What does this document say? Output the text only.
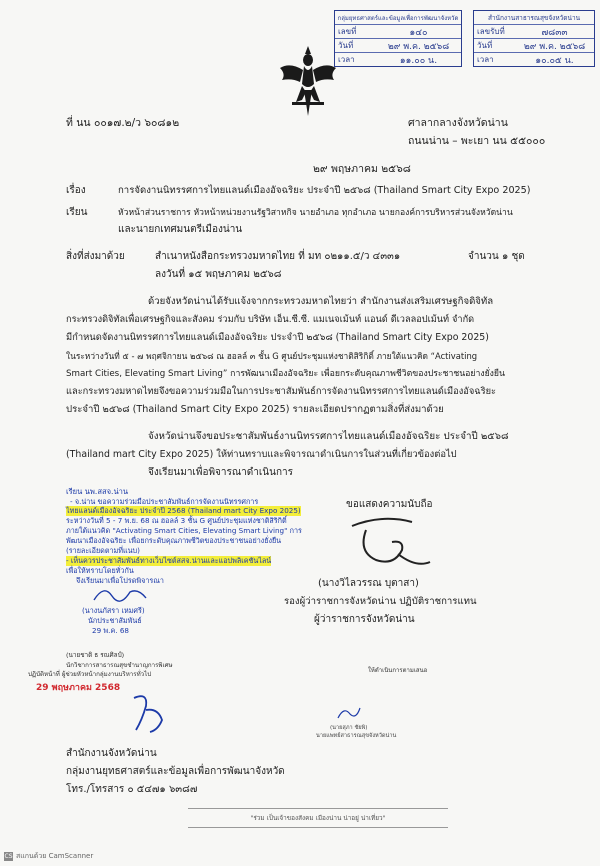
กลุ่มยุทธศาสตร์และข้อมูลเพื่อการพัฒนาจังหวัด
เลขที่	๑๔๐
วันที่	๒๙ พ.ค. ๒๕๖๘
เวลา	๑๑.๐๐ น.
สำนักงานสาธารณสุขจังหวัดน่าน
เลขรับที่	๗๘๓๓
วันที่	๒๙ พ.ค. ๒๕๖๘
เวลา	๑๐.๐๕ น.
ที่ นน ๐๐๑๗.๒/ว ๖๐๘๑๒	ศาลากลางจังหวัดน่าน
ถนนน่าน – พะเยา นน ๕๕๐๐๐
๒๙ พฤษภาคม ๒๕๖๘
เรื่อง	การจัดงานนิทรรศการไทยแลนด์เมืองอัจฉริยะ ประจำปี ๒๕๖๘ (Thailand Smart City Expo 2025)
เรียน	หัวหน้าส่วนราชการ หัวหน้าหน่วยงานรัฐวิสาหกิจ นายอำเภอ ทุกอำเภอ นายกองค์การบริหารส่วนจังหวัดน่าน
และนายกเทศมนตรีเมืองน่าน
สิ่งที่ส่งมาด้วย	สำเนาหนังสือกระทรวงมหาดไทย ที่ มท ๐๒๑๑.๕/ว ๔๓๓๑	จำนวน ๑ ชุด
ลงวันที่ ๑๕ พฤษภาคม ๒๕๖๘
ด้วยจังหวัดน่านได้รับแจ้งจากกระทรวงมหาดไทยว่า สำนักงานส่งเสริมเศรษฐกิจดิจิทัล
กระทรวงดิจิทัลเพื่อเศรษฐกิจและสังคม ร่วมกับ บริษัท เอ็น.ซี.ซี. แมเนจเม้นท์ แอนด์ ดีเวลลอปเม้นท์ จำกัด
มีกำหนดจัดงานนิทรรศการไทยแลนด์เมืองอัจฉริยะ ประจำปี ๒๕๖๘ (Thailand Smart City Expo 2025)
ในระหว่างวันที่ ๕ - ๗ พฤศจิกายน ๒๕๖๘ ณ ฮอลล์ ๓ ชั้น G ศูนย์ประชุมแห่งชาติสิริกิติ์ ภายใต้แนวคิด “Activating
Smart Cities, Elevating Smart Living” การพัฒนาเมืองอัจฉริยะ เพื่อยกระดับคุณภาพชีวิตของประชาชนอย่างยั่งยืน
และกระทรวงมหาดไทยจึงขอความร่วมมือในการประชาสัมพันธ์การจัดงานนิทรรศการไทยแลนด์เมืองอัจฉริยะ
ประจำปี ๒๕๖๘ (Thailand Smart City Expo 2025) รายละเอียดปรากฏตามสิ่งที่ส่งมาด้วย
จังหวัดน่านจึงขอประชาสัมพันธ์งานนิทรรศการไทยแลนด์เมืองอัจฉริยะ ประจำปี ๒๕๖๘
(Thailand mart City Expo 2025) ให้ท่านทราบและพิจารณาดำเนินการในส่วนที่เกี่ยวข้องต่อไป
จึงเรียนมาเพื่อพิจารณาดำเนินการ
เรียน นพ.สสจ.น่าน
- จ.น่าน ขอความร่วมมือประชาสัมพันธ์การจัดงานนิทรรศการ
ไทยแลนด์เมืองอัจฉริยะ ประจำปี 2568 (Thailand mart City Expo 2025)
ระหว่างวันที่ 5 - 7 พ.ย. 68 ณ ฮอลล์ 3 ชั้น G ศูนย์ประชุมแห่งชาติสิริกิติ์
ภายใต้แนวคิด "Activating Smart Cities, Elevating Smart Living" การ
พัฒนาเมืองอัจฉริยะ เพื่อยกระดับคุณภาพชีวิตของประชาชนอย่างยั่งยืน
(รายละเอียดตามที่แนบ)
- เห็นควรประชาสัมพันธ์ทางเว็บไซต์สสจ.น่านและแอปพลิเคชันไลน์
เพื่อให้ทราบโดยทั่วกัน
จึงเรียนมาเพื่อโปรดพิจารณา
(นางนภัสรา เหมศรี)
นักประชาสัมพันธ์
29 พ.ค. 68
(นายชาติ ธ รณศิลป์)
นักวิชาการสาธารณสุขชำนาญการพิเศษ
ปฏิบัติหน้าที่ ผู้ช่วยหัวหน้ากลุ่มงานบริหารทั่วไป
29 พฤษภาคม 2568
ขอแสดงความนับถือ
(นางวิไลวรรณ บุตาสา)
รองผู้ว่าราชการจังหวัดน่าน ปฏิบัติราชการแทน
ผู้ว่าราชการจังหวัดน่าน
ให้ดำเนินการตามเสนอ
(นายสุภา ชัยพิ)
นายแพทย์สาธารณสุขจังหวัดน่าน
สำนักงานจังหวัดน่าน
กลุ่มงานยุทธศาสตร์และข้อมูลเพื่อการพัฒนาจังหวัด
โทร./โทรสาร ๐ ๕๔๗๑ ๖๓๘๗
"ร่วม เป็นเจ้าของสังคม เมืองน่าน น่าอยู่ น่าเที่ยว"
CS สแกนด้วย CamScanner
